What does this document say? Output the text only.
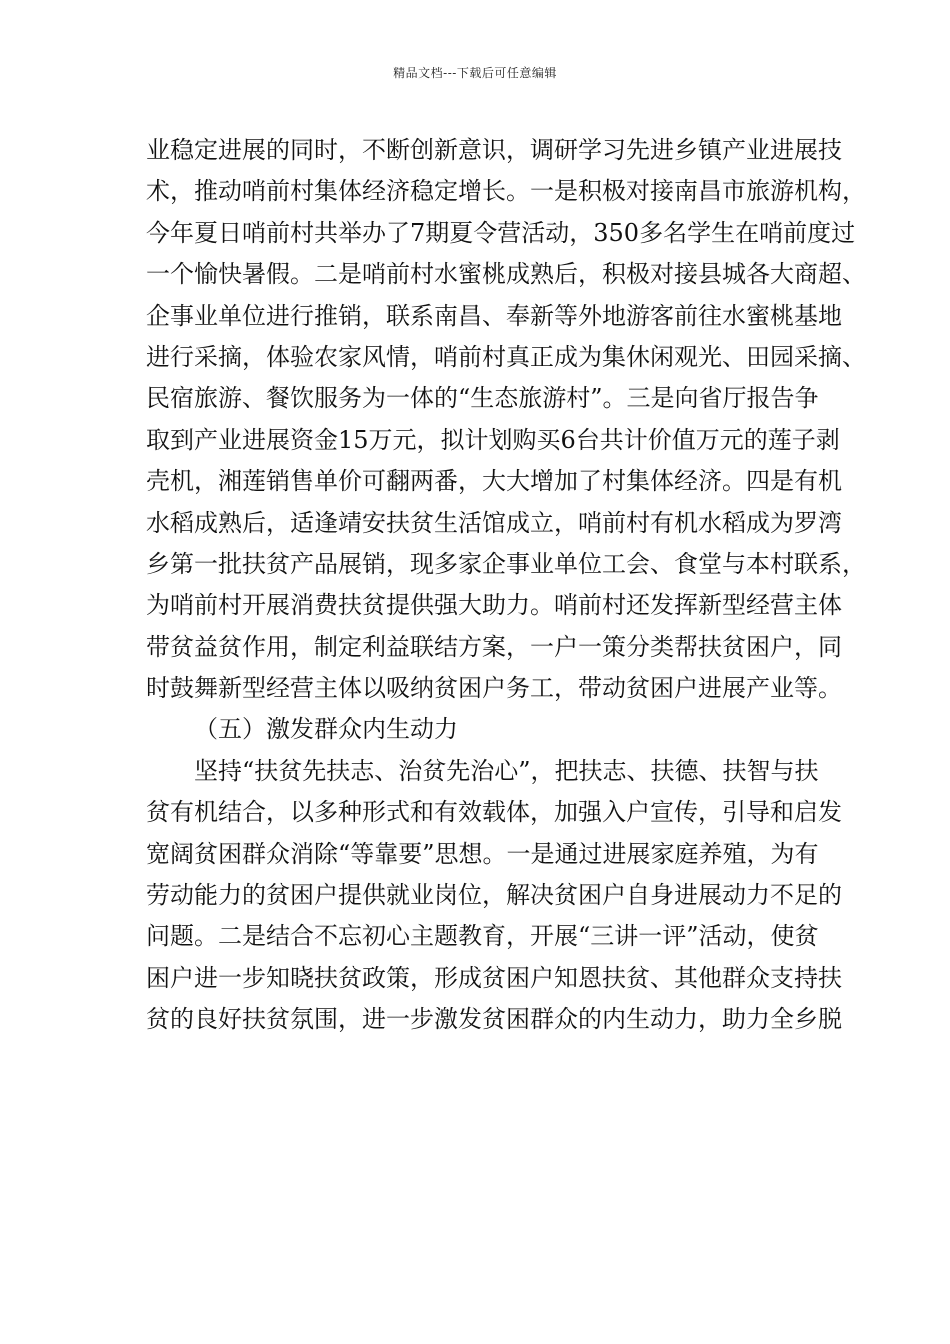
精品文档---下载后可任意编辑
业稳定进展的同时，不断创新意识，调研学习先进乡镇产业进展技
术，推动哨前村集体经济稳定增长。一是积极对接南昌市旅游机构，
今年夏日哨前村共举办了7期夏令营活动，350多名学生在哨前度过
一个愉快暑假。二是哨前村水蜜桃成熟后，积极对接县城各大商超、
企事业单位进行推销，联系南昌、奉新等外地游客前往水蜜桃基地
进行采摘，体验农家风情，哨前村真正成为集休闲观光、田园采摘、
民宿旅游、餐饮服务为一体的“生态旅游村”。三是向省厅报告争
取到产业进展资金15万元，拟计划购买6台共计价值万元的莲子剥
壳机，湘莲销售单价可翻两番，大大增加了村集体经济。四是有机
水稻成熟后，适逢靖安扶贫生活馆成立，哨前村有机水稻成为罗湾
乡第一批扶贫产品展销，现多家企事业单位工会、食堂与本村联系，
为哨前村开展消费扶贫提供强大助力。哨前村还发挥新型经营主体
带贫益贫作用，制定利益联结方案，一户一策分类帮扶贫困户，同
时鼓舞新型经营主体以吸纳贫困户务工，带动贫困户进展产业等。
（五）激发群众内生动力
坚持“扶贫先扶志、治贫先治心”，把扶志、扶德、扶智与扶
贫有机结合，以多种形式和有效载体，加强入户宣传，引导和启发
宽阔贫困群众消除“等靠要”思想。一是通过进展家庭养殖，为有
劳动能力的贫困户提供就业岗位，解决贫困户自身进展动力不足的
问题。二是结合不忘初心主题教育，开展“三讲一评”活动，使贫
困户进一步知晓扶贫政策，形成贫困户知恩扶贫、其他群众支持扶
贫的良好扶贫氛围，进一步激发贫困群众的内生动力，助力全乡脱
